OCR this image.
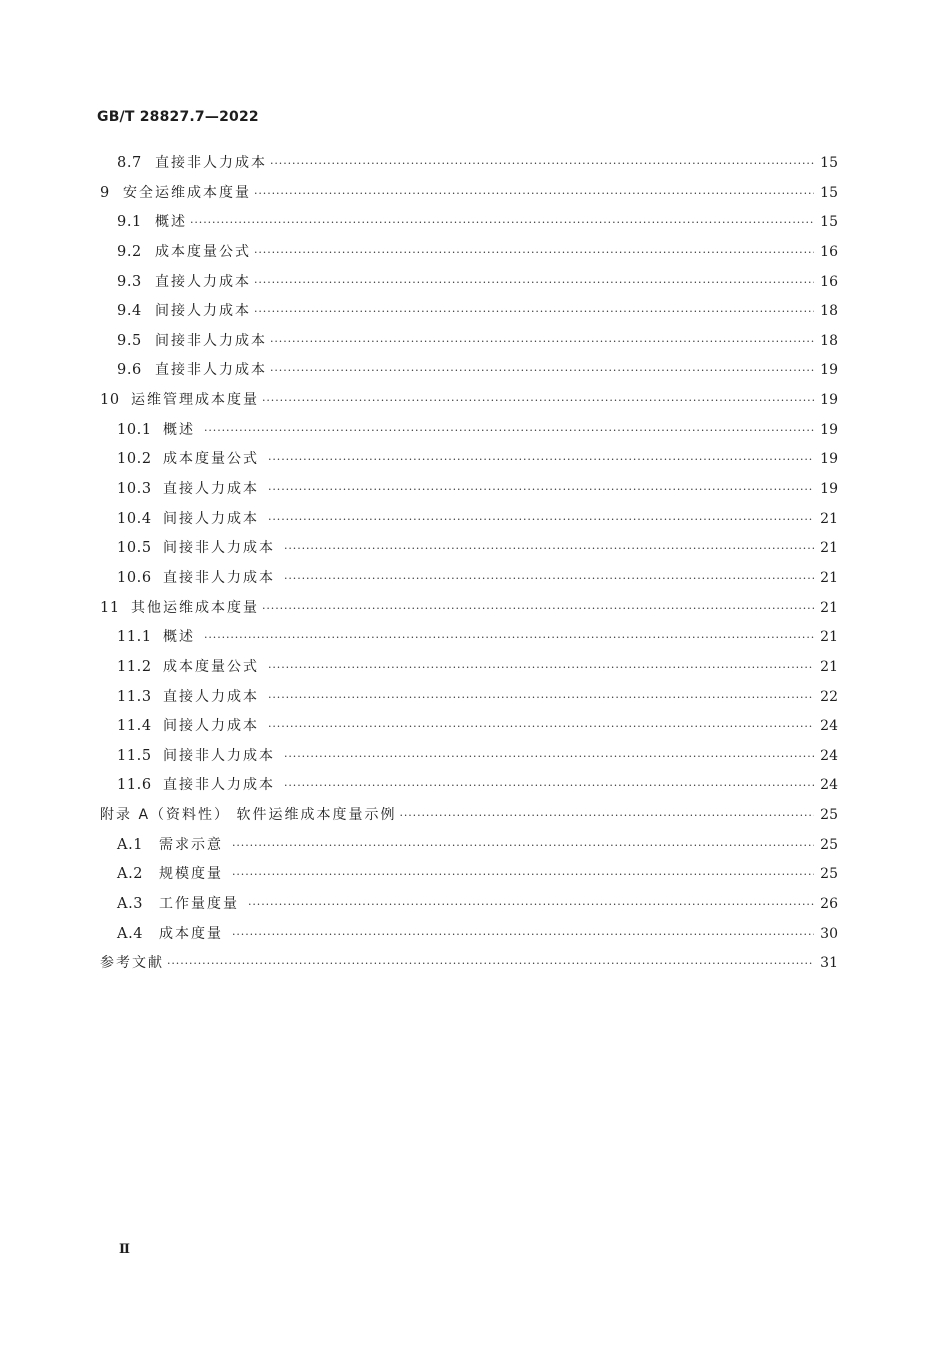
GB/T 28827.7—2022
8.7 直接非人力成本 ·····	15
9 安全运维成本度量 ·····	15
9.1 概述 ·····	15
9.2 成本度量公式 ·····	16
9.3 直接人力成本 ·····	16
9.4 间接人力成本 ·····	18
9.5 间接非人力成本 ·····	18
9.6 直接非人力成本 ·····	19
10 运维管理成本度量 ·····	19
10.1 概述 ·····	19
10.2 成本度量公式 ·····	19
10.3 直接人力成本 ·····	19
10.4 间接人力成本 ·····	21
10.5 间接非人力成本 ·····	21
10.6 直接非人力成本 ·····	21
11 其他运维成本度量 ·····	21
11.1 概述 ·····	21
11.2 成本度量公式 ·····	21
11.3 直接人力成本 ·····	22
11.4 间接人力成本 ·····	24
11.5 间接非人力成本 ·····	24
11.6 直接非人力成本 ·····	24
附录 A（资料性） 软件运维成本度量示例 ·····	25
A.1	需求示意 ·····	25
A.2	规模度量 ·····	25
A.3	工作量度量 ·····	26
A.4	成本度量 ·····	30
参考文献 ·····	31
Ⅱ
